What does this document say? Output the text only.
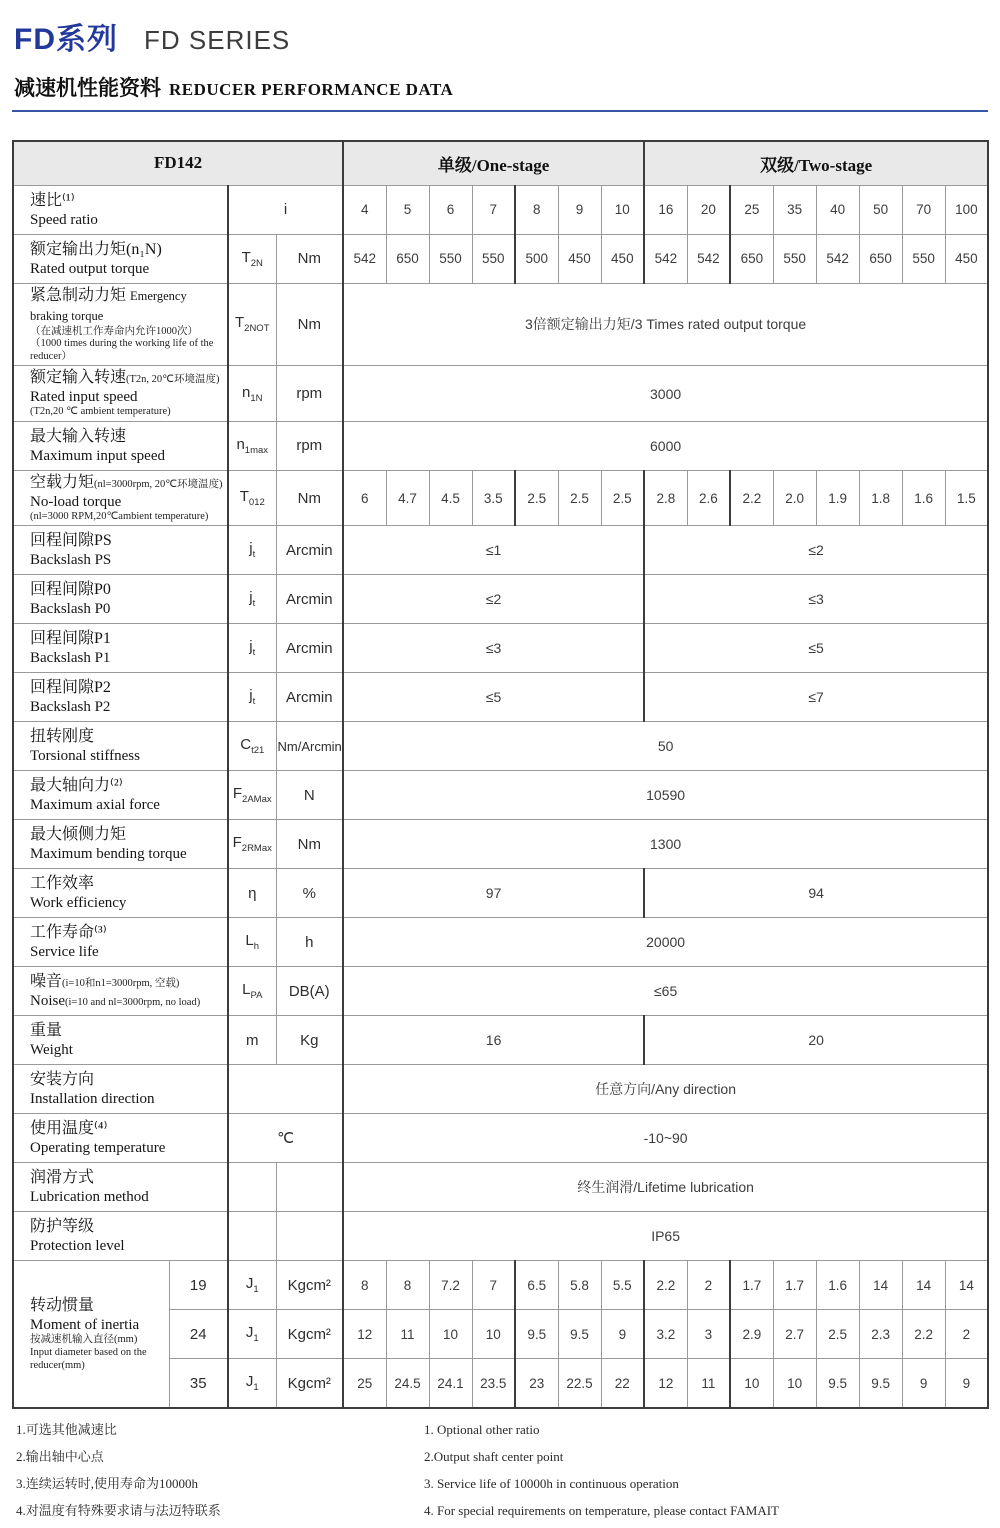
FD系列 FD SERIES
减速机性能资料 REDUCER PERFORMANCE DATA
FD142				单级/One-stage							双级/Two-stage							

速比⁽¹⁾
Speed ratio		i		4	5	6	7	8	9	10	16	20	25	35	40	50	70	100

额定输出力矩(n₁N)
Rated output torque		$T_{2N}$	Nm	542	650	550	550	500	450	450	542	542	650	550	542	650	550	450

紧急制动力矩 Emergency braking torque
（在减速机工作寿命内允许1000次）
（1000 times during the working life of the reducer）		$T_{2NOT}$	Nm	3倍额定输出力矩/3 Times rated output torque														

额定输入转速(T2n, 20℃环境温度)
Rated input speed
(T2n,20 ℃ ambient temperature)		$n_{1N}$	rpm	3000														

最大输入转速
Maximum input speed		$n_{1max}$	rpm	6000														

空载力矩(nl=3000rpm, 20℃环境温度)
No-load torque
(nl=3000 RPM,20℃ambient temperature)		$T_{012}$	Nm	6	4.7	4.5	3.5	2.5	2.5	2.5	2.8	2.6	2.2	2.0	1.9	1.8	1.6	1.5

回程间隙PS
Backslash PS		$j_t$	Arcmin	≤1							≤2							

回程间隙P0
Backslash P0		$j_t$	Arcmin	≤2							≤3							

回程间隙P1
Backslash P1		$j_t$	Arcmin	≤3							≤5							

回程间隙P2
Backslash P2		$j_t$	Arcmin	≤5							≤7							

扭转刚度
Torsional stiffness		$C_{t21}$	Nm/Arcmin	50														

最大轴向力⁽²⁾
Maximum axial force		$F_{2AMax}$	N	10590														

最大倾侧力矩
Maximum bending torque		$F_{2RMax}$	Nm	1300														

工作效率
Work efficiency		η	%	97							94							

工作寿命⁽³⁾
Service life		$L_h$	h	20000														

噪音(i=10和n1=3000rpm, 空载)
Noise(i=10 and nl=3000rpm, no load)		$L_{PA}$	DB(A)	≤65														

重量
Weight		m	Kg	16							20							

安装方向
Installation direction				任意方向/Any direction														

使用温度⁽⁴⁾
Operating temperature		℃		-10~90														

润滑方式
Lubrication method				终生润滑/Lifetime lubrication														

防护等级
Protection level				IP65														

转动惯量
Moment of inertia
按减速机输入直径(mm)
Input diameter based on the reducer(mm)	19	$J_1$	Kgcm²	8	8	7.2	7	6.5	5.8	5.5	2.2	2	1.7	1.7	1.6	14	14	14
	24	$J_1$	Kgcm²	12	11	10	10	9.5	9.5	9	3.2	3	2.9	2.7	2.5	2.3	2.2	2
	35	$J_1$	Kgcm²	25	24.5	24.1	23.5	23	22.5	22	12	11	10	10	9.5	9.5	9	9
1.可选其他减速比
2.输出轴中心点
3.连续运转时,使用寿命为10000h
4.对温度有特殊要求请与法迈特联系
1. Optional other ratio
2.Output shaft center point
3. Service life of 10000h in continuous operation
4. For special requirements on temperature, please contact FAMAIT
